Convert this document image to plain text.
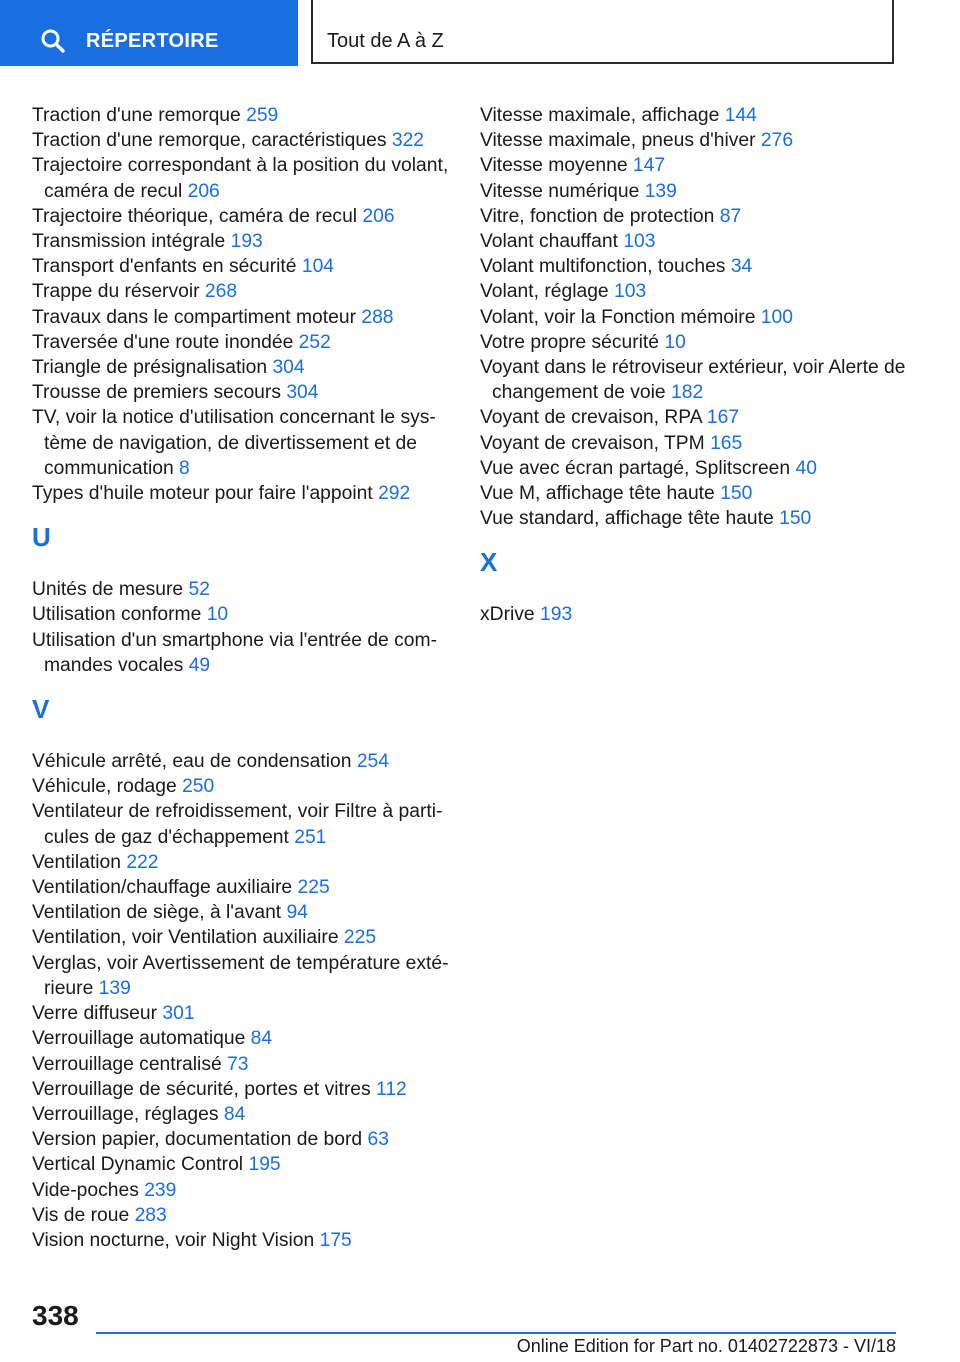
RÉPERTOIRE	Tout de A à Z
Traction d'une remorque 259
Traction d'une remorque, caractéristiques 322
Trajectoire correspondant à la position du volant, caméra de recul 206
Trajectoire théorique, caméra de recul 206
Transmission intégrale 193
Transport d'enfants en sécurité 104
Trappe du réservoir 268
Travaux dans le compartiment moteur 288
Traversée d'une route inondée 252
Triangle de présignalisation 304
Trousse de premiers secours 304
TV, voir la notice d'utilisation concernant le système de navigation, de divertissement et de communication 8
Types d'huile moteur pour faire l'appoint 292
U
Unités de mesure 52
Utilisation conforme 10
Utilisation d'un smartphone via l'entrée de commandes vocales 49
V
Véhicule arrêté, eau de condensation 254
Véhicule, rodage 250
Ventilateur de refroidissement, voir Filtre à particules de gaz d'échappement 251
Ventilation 222
Ventilation/chauffage auxiliaire 225
Ventilation de siège, à l'avant 94
Ventilation, voir Ventilation auxiliaire 225
Verglas, voir Avertissement de température extérieure 139
Verre diffuseur 301
Verrouillage automatique 84
Verrouillage centralisé 73
Verrouillage de sécurité, portes et vitres 112
Verrouillage, réglages 84
Version papier, documentation de bord 63
Vertical Dynamic Control 195
Vide-poches 239
Vis de roue 283
Vision nocturne, voir Night Vision 175
Vitesse maximale, affichage 144
Vitesse maximale, pneus d'hiver 276
Vitesse moyenne 147
Vitesse numérique 139
Vitre, fonction de protection 87
Volant chauffant 103
Volant multifonction, touches 34
Volant, réglage 103
Volant, voir la Fonction mémoire 100
Votre propre sécurité 10
Voyant dans le rétroviseur extérieur, voir Alerte de changement de voie 182
Voyant de crevaison, RPA 167
Voyant de crevaison, TPM 165
Vue avec écran partagé, Splitscreen 40
Vue M, affichage tête haute 150
Vue standard, affichage tête haute 150
X
xDrive 193
338
Online Edition for Part no. 01402722873 - VI/18
